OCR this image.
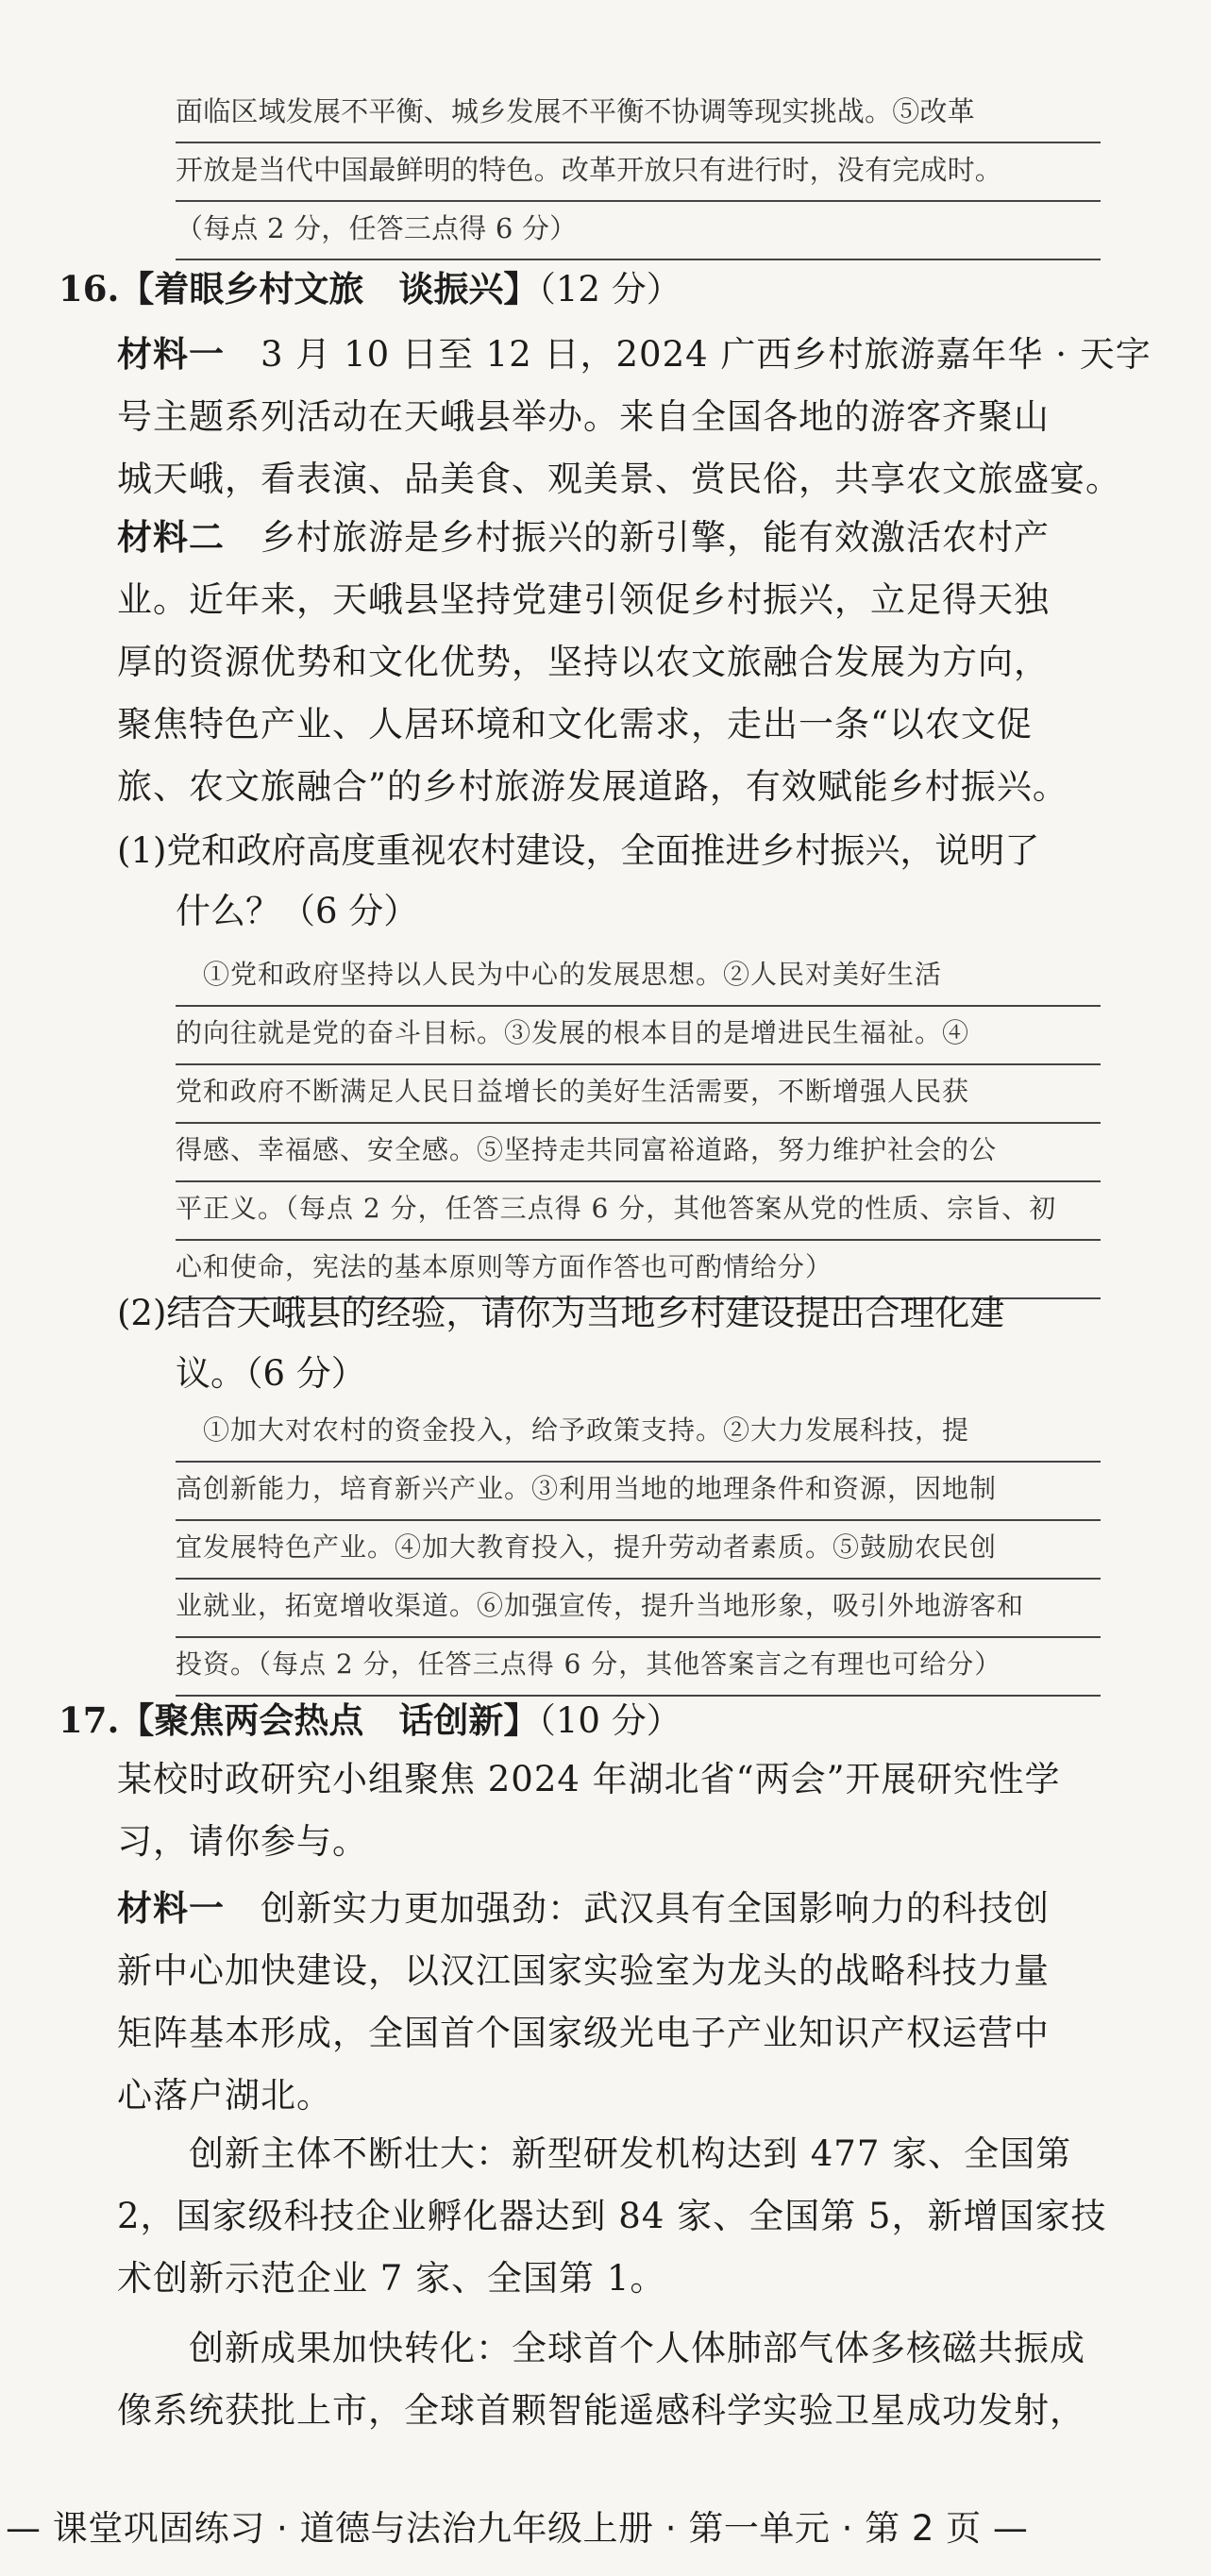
面临区域发展不平衡、城乡发展不平衡不协调等现实挑战。⑤改革
开放是当代中国最鲜明的特色。改革开放只有进行时，没有完成时。
（每点 2 分，任答三点得 6 分）
16.【着眼乡村文旅　谈振兴】（12 分）
材料一　3 月 10 日至 12 日，2024 广西乡村旅游嘉年华 · 天字
号主题系列活动在天峨县举办。来自全国各地的游客齐聚山
城天峨，看表演、品美食、观美景、赏民俗，共享农文旅盛宴。
材料二　乡村旅游是乡村振兴的新引擎，能有效激活农村产
业。近年来，天峨县坚持党建引领促乡村振兴，立足得天独
厚的资源优势和文化优势，坚持以农文旅融合发展为方向，
聚焦特色产业、人居环境和文化需求，走出一条“以农文促
旅、农文旅融合”的乡村旅游发展道路，有效赋能乡村振兴。
(1)党和政府高度重视农村建设，全面推进乡村振兴，说明了
什么？（6 分）
　①党和政府坚持以人民为中心的发展思想。②人民对美好生活
的向往就是党的奋斗目标。③发展的根本目的是增进民生福祉。④
党和政府不断满足人民日益增长的美好生活需要，不断增强人民获
得感、幸福感、安全感。⑤坚持走共同富裕道路，努力维护社会的公
平正义。（每点 2 分，任答三点得 6 分，其他答案从党的性质、宗旨、初
心和使命，宪法的基本原则等方面作答也可酌情给分）
(2)结合天峨县的经验，请你为当地乡村建设提出合理化建
议。（6 分）
　①加大对农村的资金投入，给予政策支持。②大力发展科技，提
高创新能力，培育新兴产业。③利用当地的地理条件和资源，因地制
宜发展特色产业。④加大教育投入，提升劳动者素质。⑤鼓励农民创
业就业，拓宽增收渠道。⑥加强宣传，提升当地形象，吸引外地游客和
投资。（每点 2 分，任答三点得 6 分，其他答案言之有理也可给分）
17.【聚焦两会热点　话创新】（10 分）
某校时政研究小组聚焦 2024 年湖北省“两会”开展研究性学
习，请你参与。
材料一　创新实力更加强劲：武汉具有全国影响力的科技创
新中心加快建设，以汉江国家实验室为龙头的战略科技力量
矩阵基本形成，全国首个国家级光电子产业知识产权运营中
心落户湖北。
　　创新主体不断壮大：新型研发机构达到 477 家、全国第
2，国家级科技企业孵化器达到 84 家、全国第 5，新增国家技
术创新示范企业 7 家、全国第 1。
　　创新成果加快转化：全球首个人体肺部气体多核磁共振成
像系统获批上市，全球首颗智能遥感科学实验卫星成功发射，
— 课堂巩固练习 · 道德与法治九年级上册 · 第一单元 · 第 2 页 —
